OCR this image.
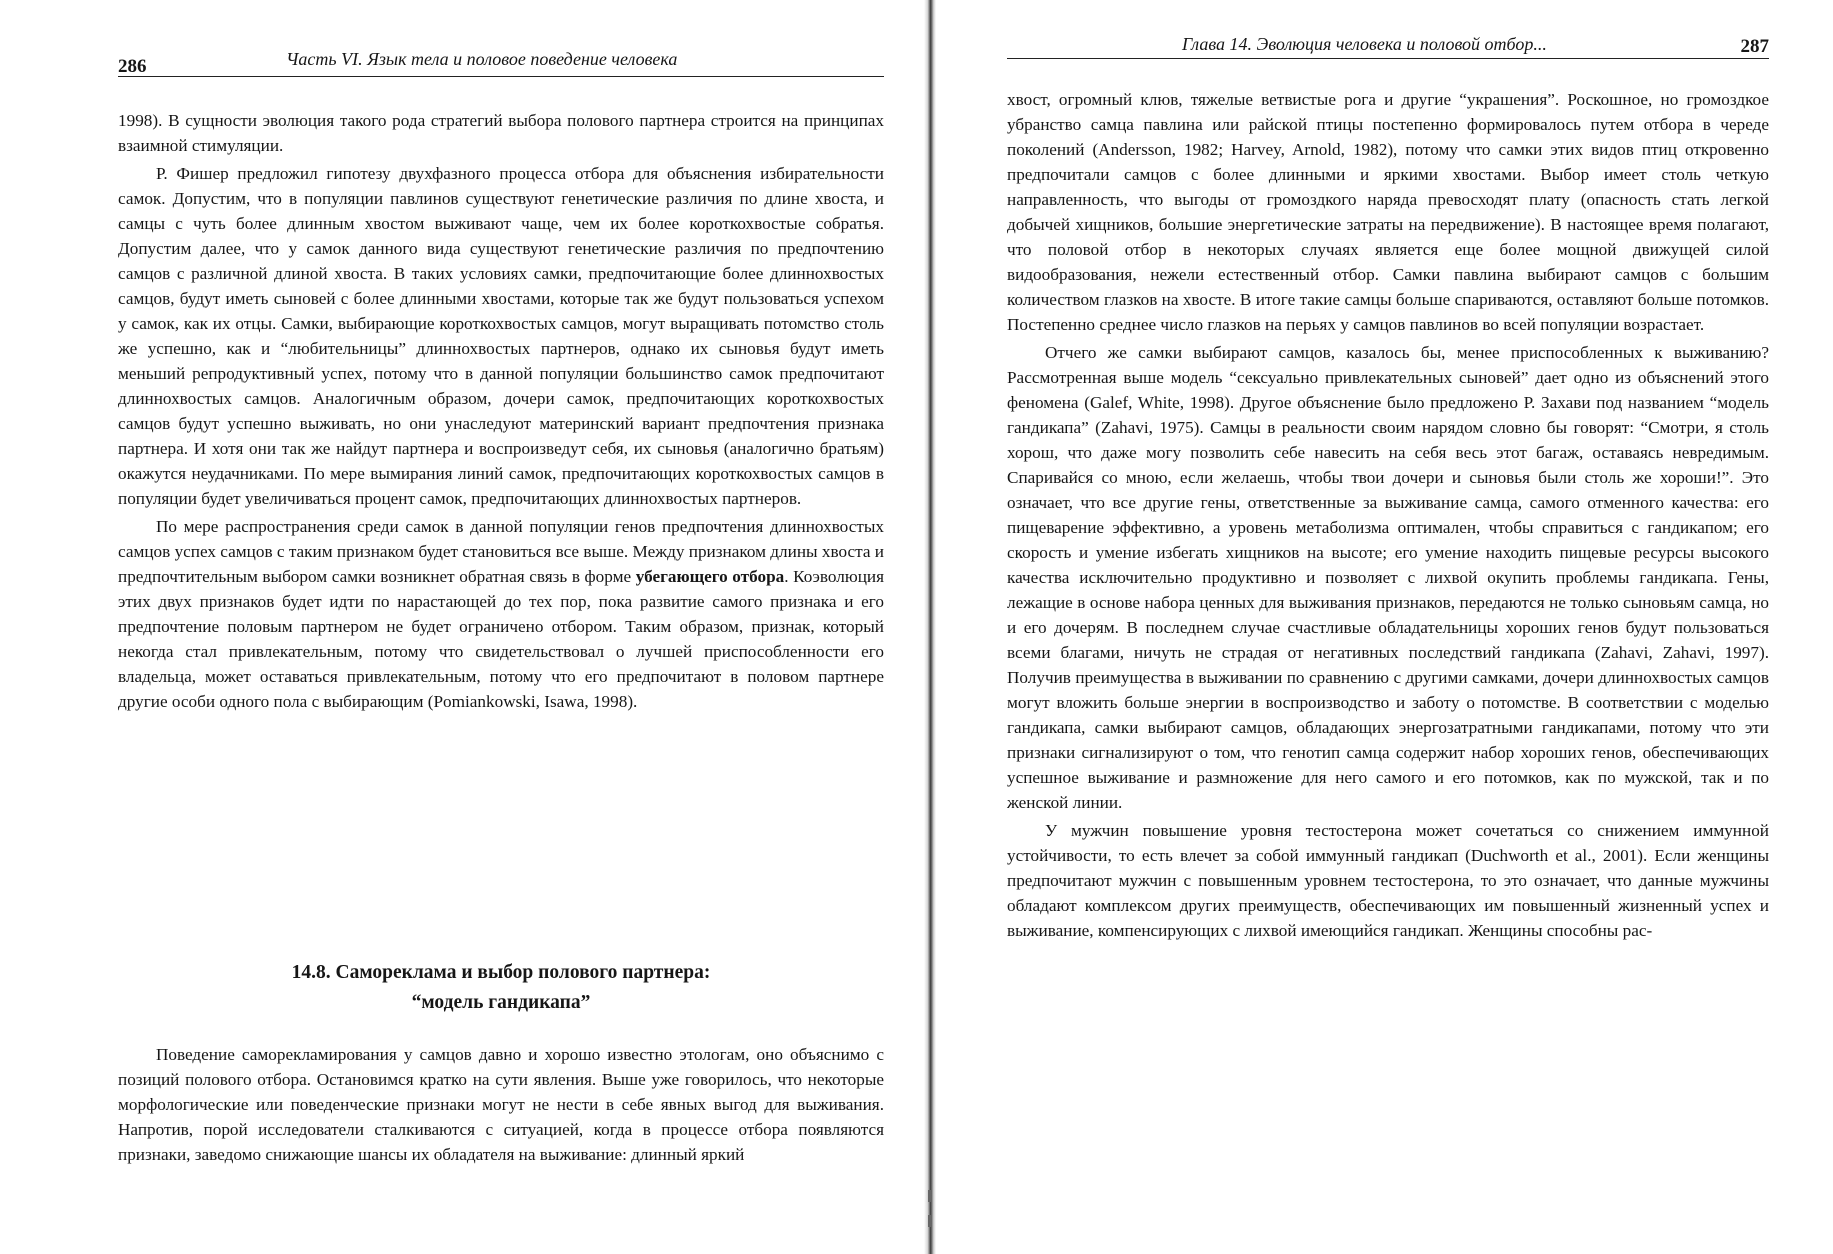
286	Часть VI. Язык тела и половое поведение человека

1998). В сущности эволюция такого рода стратегий выбора полового партнера строится на принципах взаимной стимуляции.

Р. Фишер предложил гипотезу двухфазного процесса отбора для объяснения избирательности самок. Допустим, что в популяции павлинов существуют генетические различия по длине хвоста, и самцы с чуть более длинным хвостом выживают чаще, чем их более короткохвостые собратья. Допустим далее, что у самок данного вида существуют генетические различия по предпочтению самцов с различной длиной хвоста. В таких условиях самки, предпочитающие более длиннохвостых самцов, будут иметь сыновей с более длинными хвостами, которые так же будут пользоваться успехом у самок, как их отцы. Самки, выбирающие короткохвостых самцов, могут выращивать потомство столь же успешно, как и “любительницы” длиннохвостых партнеров, однако их сыновья будут иметь меньший репродуктивный успех, потому что в данной популяции большинство самок предпочитают длиннохвостых самцов. Аналогичным образом, дочери самок, предпочитающих короткохвостых самцов будут успешно выживать, но они унаследуют материнский вариант предпочтения признака партнера. И хотя они так же найдут партнера и воспроизведут себя, их сыновья (аналогично братьям) окажутся неудачниками. По мере вымирания линий самок, предпочитающих короткохвостых самцов в популяции будет увеличиваться процент самок, предпочитающих длиннохвостых партнеров.

По мере распространения среди самок в данной популяции генов предпочтения длиннохвостых самцов успех самцов с таким признаком будет становиться все выше. Между признаком длины хвоста и предпочтительным выбором самки возникнет обратная связь в форме убегающего отбора. Коэволюция этих двух признаков будет идти по нарастающей до тех пор, пока развитие самого признака и его предпочтение половым партнером не будет ограничено отбором. Таким образом, признак, который некогда стал привлекательным, потому что свидетельствовал о лучшей приспособленности его владельца, может оставаться привлекательным, потому что его предпочитают в половом партнере другие особи одного пола с выбирающим (Pomiankowski, Isawa, 1998).

14.8. Самореклама и выбор полового партнера:
“модель гандикапа”

Поведение саморекламирования у самцов давно и хорошо известно этологам, оно объяснимо с позиций полового отбора. Остановимся кратко на сути явления. Выше уже говорилось, что некоторые морфологические или поведенческие признаки могут не нести в себе явных выгод для выживания. Напротив, порой исследователи сталкиваются с ситуацией, когда в процессе отбора появляются признаки, заведомо снижающие шансы их обладателя на выживание: длинный яркий

Глава 14. Эволюция человека и половой отбор...	287

хвост, огромный клюв, тяжелые ветвистые рога и другие “украшения”. Роскошное, но громоздкое убранство самца павлина или райской птицы постепенно формировалось путем отбора в череде поколений (Andersson, 1982; Harvey, Arnold, 1982), потому что самки этих видов птиц откровенно предпочитали самцов с более длинными и яркими хвостами. Выбор имеет столь четкую направленность, что выгоды от громоздкого наряда превосходят плату (опасность стать легкой добычей хищников, большие энергетические затраты на передвижение). В настоящее время полагают, что половой отбор в некоторых случаях является еще более мощной движущей силой видообразования, нежели естественный отбор. Самки павлина выбирают самцов с большим количеством глазков на хвосте. В итоге такие самцы больше спариваются, оставляют больше потомков. Постепенно среднее число глазков на перьях у самцов павлинов во всей популяции возрастает.

Отчего же самки выбирают самцов, казалось бы, менее приспособленных к выживанию? Рассмотренная выше модель “сексуально привлекательных сыновей” дает одно из объяснений этого феномена (Galef, White, 1998). Другое объяснение было предложено Р. Захави под названием “модель гандикапа” (Zahavi, 1975). Самцы в реальности своим нарядом словно бы говорят: “Смотри, я столь хорош, что даже могу позволить себе навесить на себя весь этот багаж, оставаясь невредимым. Спаривайся со мною, если желаешь, чтобы твои дочери и сыновья были столь же хороши!”. Это означает, что все другие гены, ответственные за выживание самца, самого отменного качества: его пищеварение эффективно, а уровень метаболизма оптимален, чтобы справиться с гандикапом; его скорость и умение избегать хищников на высоте; его умение находить пищевые ресурсы высокого качества исключительно продуктивно и позволяет с лихвой окупить проблемы гандикапа. Гены, лежащие в основе набора ценных для выживания признаков, передаются не только сыновьям самца, но и его дочерям. В последнем случае счастливые обладательницы хороших генов будут пользоваться всеми благами, ничуть не страдая от негативных последствий гандикапа (Zahavi, Zahavi, 1997). Получив преимущества в выживании по сравнению с другими самками, дочери длиннохвостых самцов могут вложить больше энергии в воспроизводство и заботу о потомстве. В соответствии с моделью гандикапа, самки выбирают самцов, обладающих энергозатратными гандикапами, потому что эти признаки сигнализируют о том, что генотип самца содержит набор хороших генов, обеспечивающих успешное выживание и размножение для него самого и его потомков, как по мужской, так и по женской линии.

У мужчин повышение уровня тестостерона может сочетаться со снижением иммунной устойчивости, то есть влечет за собой иммунный гандикап (Duchworth et al., 2001). Если женщины предпочитают мужчин с повышенным уровнем тестостерона, то это означает, что данные мужчины обладают комплексом других преимуществ, обеспечивающих им повышенный жизненный успех и выживание, компенсирующих с лихвой имеющийся гандикап. Женщины способны рас-
